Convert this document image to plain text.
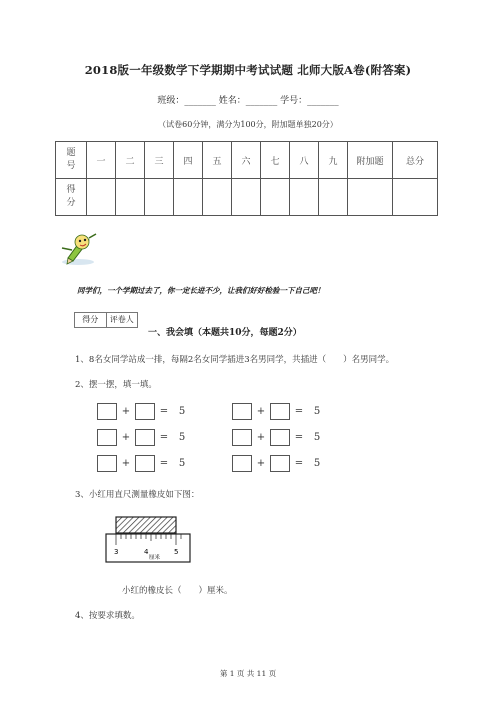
2018版一年级数学下学期期中考试试题 北师大版A卷(附答案)
班级：_______ 姓名：_______ 学号：_______
（试卷60分钟，满分为100分，附加题单独20分）
题
号	一	二	三	四	五	六	七	八	九	附加题	总分
得
分											
同学们，一个学期过去了，你一定长进不少，让我们好好检验一下自己吧！
得分	评卷人
一、我会填（本题共10分，每题2分）
1、8名女同学站成一排，每隔2名女同学插进3名男同学，共插进（　　）名男同学。
2、摆一摆，填一填。
+	=	5	+	=	5
+	=	5	+	=	5
+	=	5	+	=	5
3、小红用直尺测量橡皮如下图：
3	4	5
厘米
小红的橡皮长（　　）厘米。
4、按要求填数。
第 1 页 共 11 页
